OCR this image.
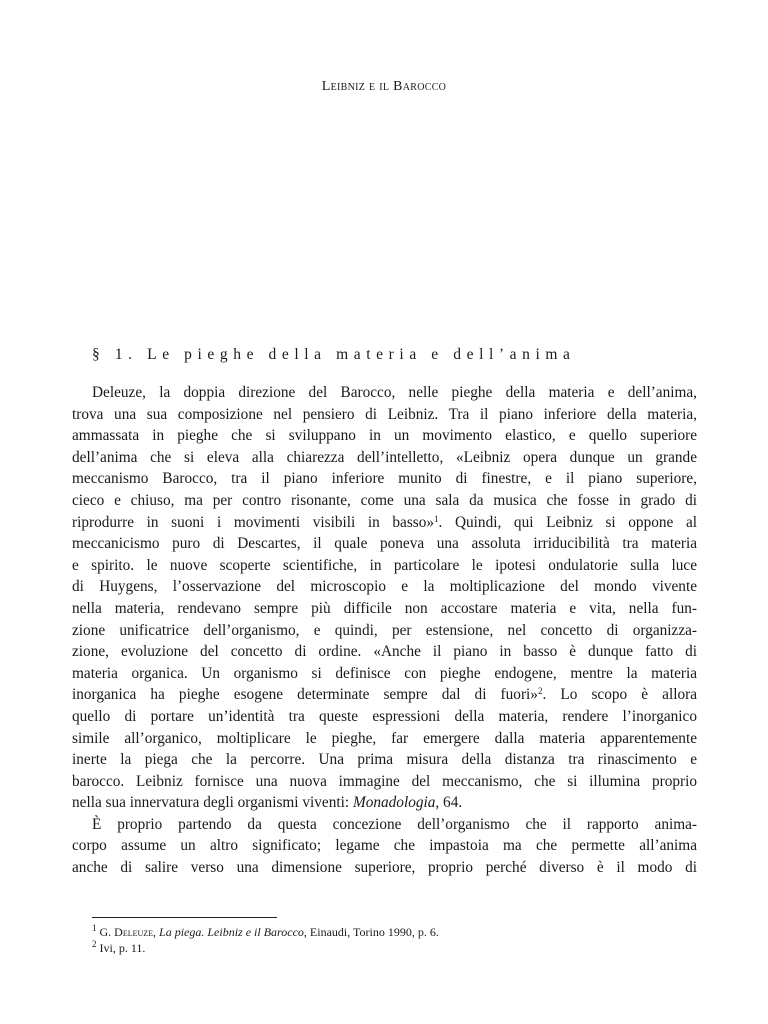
Leibniz e il Barocco
§ 1. Le pieghe della materia e dell’anima
Deleuze, la doppia direzione del Barocco, nelle pieghe della materia e dell’anima,
trova una sua composizione nel pensiero di Leibniz. Tra il piano inferiore della materia,
ammassata in pieghe che si sviluppano in un movimento elastico, e quello superiore
dell’anima che si eleva alla chiarezza dell’intelletto, «Leibniz opera dunque un grande
meccanismo Barocco, tra il piano inferiore munito di finestre, e il piano superiore,
cieco e chiuso, ma per contro risonante, come una sala da musica che fosse in grado di
riprodurre in suoni i movimenti visibili in basso»$^1$. Quindi, qui Leibniz si oppone al
meccanicismo puro di Descartes, il quale poneva una assoluta irriducibilità tra materia
e spirito. le nuove scoperte scientifiche, in particolare le ipotesi ondulatorie sulla luce
di Huygens, l’osservazione del microscopio e la moltiplicazione del mondo vivente
nella materia, rendevano sempre più difficile non accostare materia e vita, nella fun-
zione unificatrice dell’organismo, e quindi, per estensione, nel concetto di organizza-
zione, evoluzione del concetto di ordine. «Anche il piano in basso è dunque fatto di
materia organica. Un organismo si definisce con pieghe endogene, mentre la materia
inorganica ha pieghe esogene determinate sempre dal di fuori»$^2$. Lo scopo è allora
quello di portare un’identità tra queste espressioni della materia, rendere l’inorganico
simile all’organico, moltiplicare le pieghe, far emergere dalla materia apparentemente
inerte la piega che la percorre. Una prima misura della distanza tra rinascimento e
barocco. Leibniz fornisce una nuova immagine del meccanismo, che si illumina proprio
nella sua innervatura degli organismi viventi: Monadologia, 64.
È proprio partendo da questa concezione dell’organismo che il rapporto anima-
corpo assume un altro significato; legame che impastoia ma che permette all’anima
anche di salire verso una dimensione superiore, proprio perché diverso è il modo di
$^1$ G. Deleuze, La piega. Leibniz e il Barocco, Einaudi, Torino 1990, p. 6.
$^2$ Ivi, p. 11.
